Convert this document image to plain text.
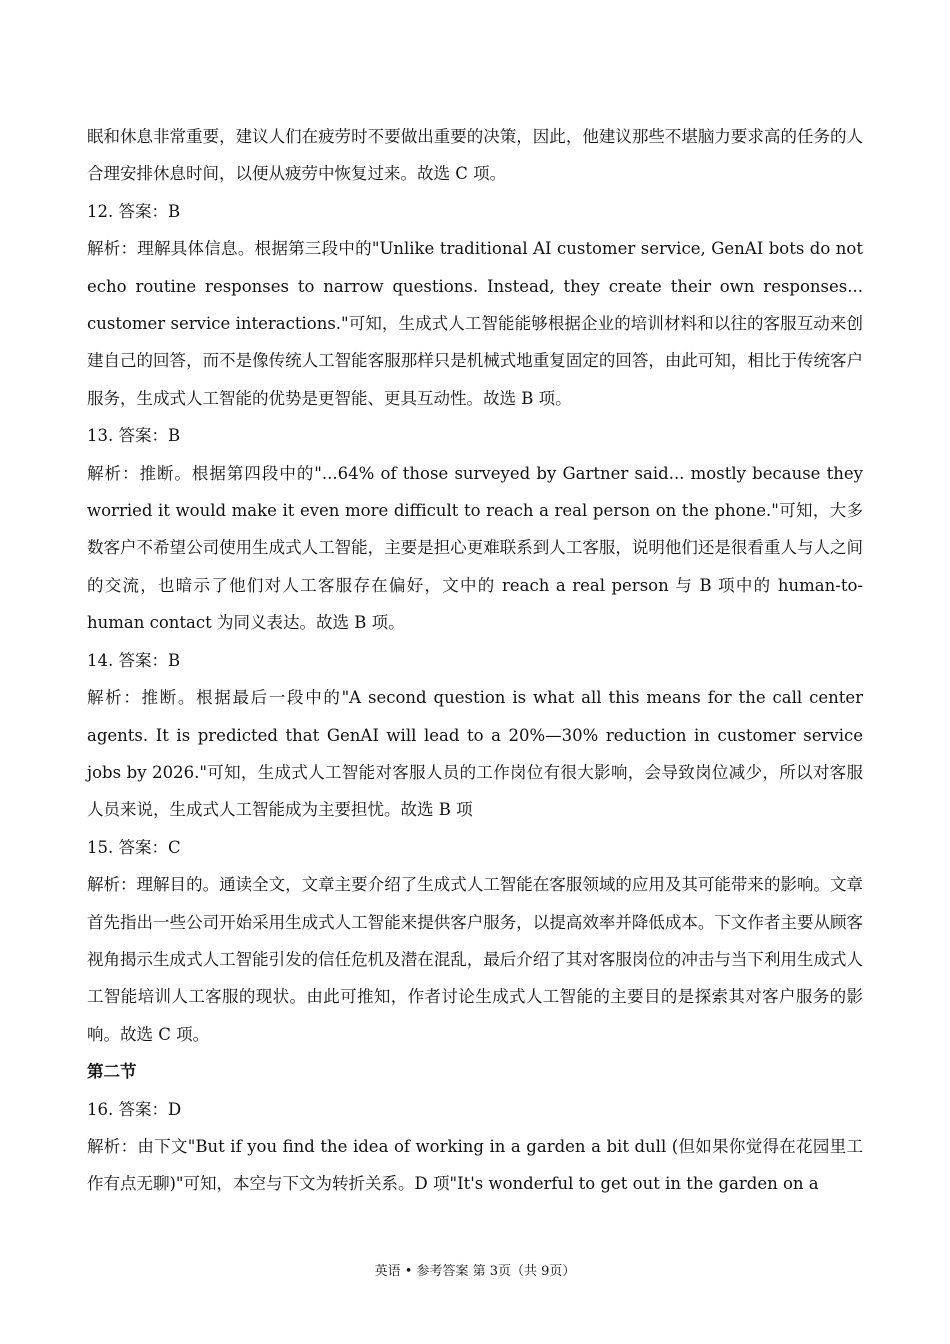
眠和休息非常重要，建议人们在疲劳时不要做出重要的决策，因此，他建议那些不堪脑力要求高的任务的人合理安排休息时间，以便从疲劳中恢复过来。故选 C 项。

12. 答案：B

解析：理解具体信息。根据第三段中的"Unlike traditional AI customer service, GenAI bots do not echo routine responses to narrow questions. Instead, they create their own responses... customer service interactions."可知，生成式人工智能能够根据企业的培训材料和以往的客服互动来创建自己的回答，而不是像传统人工智能客服那样只是机械式地重复固定的回答，由此可知，相比于传统客户服务，生成式人工智能的优势是更智能、更具互动性。故选 B 项。

13. 答案：B

解析：推断。根据第四段中的"...64% of those surveyed by Gartner said... mostly because they worried it would make it even more difficult to reach a real person on the phone."可知，大多数客户不希望公司使用生成式人工智能，主要是担心更难联系到人工客服，说明他们还是很看重人与人之间的交流，也暗示了他们对人工客服存在偏好，文中的 reach a real person 与 B 项中的 human-to-human contact 为同义表达。故选 B 项。

14. 答案：B

解析：推断。根据最后一段中的"A second question is what all this means for the call center agents. It is predicted that GenAI will lead to a 20%—30% reduction in customer service jobs by 2026."可知，生成式人工智能对客服人员的工作岗位有很大影响，会导致岗位减少，所以对客服人员来说，生成式人工智能成为主要担忧。故选 B 项

15. 答案：C

解析：理解目的。通读全文，文章主要介绍了生成式人工智能在客服领域的应用及其可能带来的影响。文章首先指出一些公司开始采用生成式人工智能来提供客户服务，以提高效率并降低成本。下文作者主要从顾客视角揭示生成式人工智能引发的信任危机及潜在混乱，最后介绍了其对客服岗位的冲击与当下利用生成式人工智能培训人工客服的现状。由此可推知，作者讨论生成式人工智能的主要目的是探索其对客户服务的影响。故选 C 项。

第二节

16. 答案：D

解析：由下文"But if you find the idea of working in a garden a bit dull (但如果你觉得在花园里工作有点无聊)"可知，本空与下文为转折关系。D 项"It's wonderful to get out in the garden on a

英语 • 参考答案 第 3页（共 9页）
